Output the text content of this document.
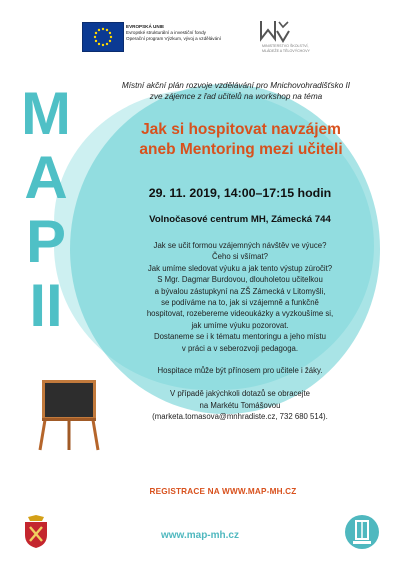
EVROPSKÁ UNIE
Evropské strukturální a investiční fondy
Operační program Výzkum, vývoj a vzdělávání
MINISTERSTVO ŠKOLSTVÍ,
MLÁDEŽE A TĚLOVÝCHOVY
M
A
P
II
Místní akční plán rozvoje vzdělávání pro Mnichovohradišťsko II
zve zájemce z řad učitelů na workshop na téma
Jak si hospitovat navzájem
aneb Mentoring mezi učiteli
29. 11. 2019, 14:00–17:15 hodin
Volnočasové centrum MH, Zámecká 744

Jak se učit formou vzájemných návštěv ve výuce?

Čeho si všímat?

Jak umíme sledovat výuku a jak tento výstup zúročit?

S Mgr. Dagmar Burdovou, dlouholetou učitelkou

a bývalou zástupkyní na ZŠ Zámecká v Litomyšli,

se podíváme na to, jak si vzájemně a funkčně

hospitovat, rozebereme videoukázky a vyzkoušíme si,

jak umíme výuku pozorovat.

Dostaneme se i k tématu mentoringu a jeho místu

v práci a v seberozvoji pedagoga.

Hospitace může být přínosem pro učitele i žáky.

V případě jakýchkoli dotazů se obracejte

na Markétu Tomášovou

(marketa.tomasova@mnhradiste.cz, 732 680 514).

REGISTRACE NA WWW.MAP-MH.CZ
www.map-mh.cz
